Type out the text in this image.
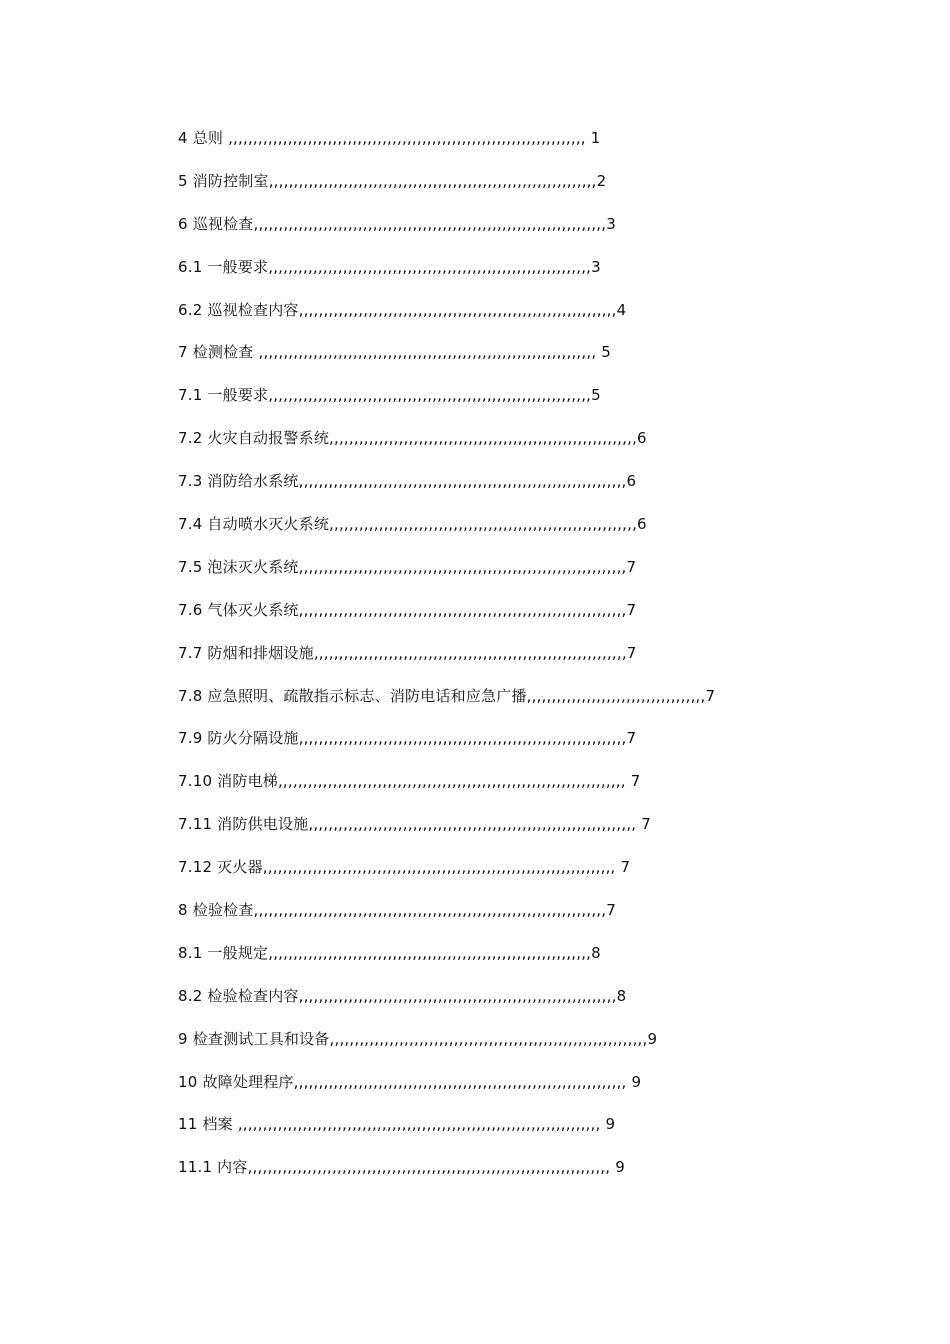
4 总则 ,,,,,,,,,,,,,,,,,,,,,,,,,,,,,,,,,,,,,,,,,,,,,,,,,,,,,,,,,,,,,,,,,,,,,,,, 1
5 消防控制室,,,,,,,,,,,,,,,,,,,,,,,,,,,,,,,,,,,,,,,,,,,,,,,,,,,,,,,,,,,,,,,,,,2
6 巡视检查,,,,,,,,,,,,,,,,,,,,,,,,,,,,,,,,,,,,,,,,,,,,,,,,,,,,,,,,,,,,,,,,,,,,,,,3
6.1 一般要求,,,,,,,,,,,,,,,,,,,,,,,,,,,,,,,,,,,,,,,,,,,,,,,,,,,,,,,,,,,,,,,,,3
6.2 巡视检查内容,,,,,,,,,,,,,,,,,,,,,,,,,,,,,,,,,,,,,,,,,,,,,,,,,,,,,,,,,,,,,,,,4
7 检测检查 ,,,,,,,,,,,,,,,,,,,,,,,,,,,,,,,,,,,,,,,,,,,,,,,,,,,,,,,,,,,,,,,,,,,, 5
7.1 一般要求,,,,,,,,,,,,,,,,,,,,,,,,,,,,,,,,,,,,,,,,,,,,,,,,,,,,,,,,,,,,,,,,,5
7.2 火灾自动报警系统,,,,,,,,,,,,,,,,,,,,,,,,,,,,,,,,,,,,,,,,,,,,,,,,,,,,,,,,,,,,,,6
7.3 消防给水系统,,,,,,,,,,,,,,,,,,,,,,,,,,,,,,,,,,,,,,,,,,,,,,,,,,,,,,,,,,,,,,,,,,6
7.4 自动喷水灭火系统,,,,,,,,,,,,,,,,,,,,,,,,,,,,,,,,,,,,,,,,,,,,,,,,,,,,,,,,,,,,,,6
7.5 泡沫灭火系统,,,,,,,,,,,,,,,,,,,,,,,,,,,,,,,,,,,,,,,,,,,,,,,,,,,,,,,,,,,,,,,,,,7
7.6 气体灭火系统,,,,,,,,,,,,,,,,,,,,,,,,,,,,,,,,,,,,,,,,,,,,,,,,,,,,,,,,,,,,,,,,,,7
7.7 防烟和排烟设施,,,,,,,,,,,,,,,,,,,,,,,,,,,,,,,,,,,,,,,,,,,,,,,,,,,,,,,,,,,,,,,7
7.8 应急照明、疏散指示标志、消防电话和应急广播,,,,,,,,,,,,,,,,,,,,,,,,,,,,,,,,,,,,7
7.9 防火分隔设施,,,,,,,,,,,,,,,,,,,,,,,,,,,,,,,,,,,,,,,,,,,,,,,,,,,,,,,,,,,,,,,,,,7
7.10 消防电梯,,,,,,,,,,,,,,,,,,,,,,,,,,,,,,,,,,,,,,,,,,,,,,,,,,,,,,,,,,,,,,,,,,,,,, 7
7.11 消防供电设施,,,,,,,,,,,,,,,,,,,,,,,,,,,,,,,,,,,,,,,,,,,,,,,,,,,,,,,,,,,,,,,,,, 7
7.12 灭火器,,,,,,,,,,,,,,,,,,,,,,,,,,,,,,,,,,,,,,,,,,,,,,,,,,,,,,,,,,,,,,,,,,,,,,, 7
8 检验检查,,,,,,,,,,,,,,,,,,,,,,,,,,,,,,,,,,,,,,,,,,,,,,,,,,,,,,,,,,,,,,,,,,,,,,,7
8.1 一般规定,,,,,,,,,,,,,,,,,,,,,,,,,,,,,,,,,,,,,,,,,,,,,,,,,,,,,,,,,,,,,,,,,8
8.2 检验检查内容,,,,,,,,,,,,,,,,,,,,,,,,,,,,,,,,,,,,,,,,,,,,,,,,,,,,,,,,,,,,,,,,8
9 检查测试工具和设备,,,,,,,,,,,,,,,,,,,,,,,,,,,,,,,,,,,,,,,,,,,,,,,,,,,,,,,,,,,,,,,,9
10 故障处理程序,,,,,,,,,,,,,,,,,,,,,,,,,,,,,,,,,,,,,,,,,,,,,,,,,,,,,,,,,,,,,,,,,,, 9
11 档案 ,,,,,,,,,,,,,,,,,,,,,,,,,,,,,,,,,,,,,,,,,,,,,,,,,,,,,,,,,,,,,,,,,,,,,,,,, 9
11.1 内容,,,,,,,,,,,,,,,,,,,,,,,,,,,,,,,,,,,,,,,,,,,,,,,,,,,,,,,,,,,,,,,,,,,,,,,,, 9
